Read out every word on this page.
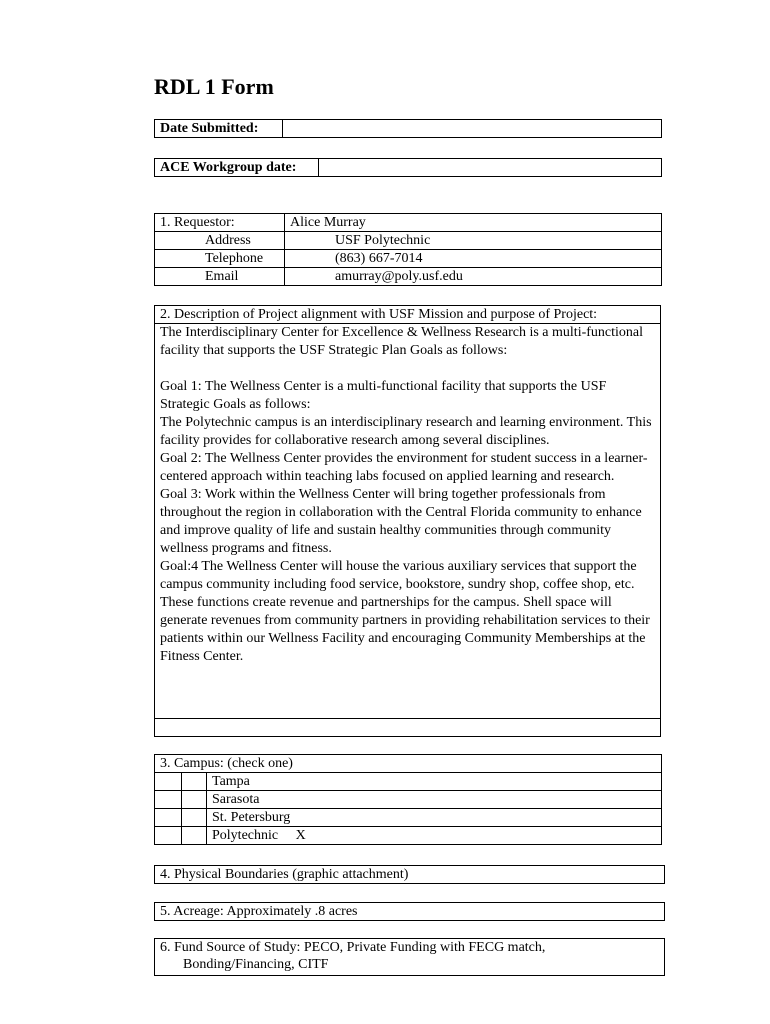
RDL 1 Form
Date Submitted:	
ACE Workgroup date:	
1. Requestor:	Alice Murray
Address	USF Polytechnic
Telephone	(863) 667-7014
Email	amurray@poly.usf.edu
2. Description of Project alignment with USF Mission and purpose of Project:

The Interdisciplinary Center for Excellence & Wellness Research is a multi-functional facility that supports the USF Strategic Plan Goals as follows:

Goal 1: The Wellness Center is a multi-functional facility that supports the USF Strategic Goals as follows:

The Polytechnic campus is an interdisciplinary research and learning environment. This facility provides for collaborative research among several disciplines.

Goal 2: The Wellness Center provides the environment for student success in a learner-centered approach within teaching labs focused on applied learning and research.

Goal 3: Work within the Wellness Center will bring together professionals from throughout the region in collaboration with the Central Florida community to enhance and improve quality of life and sustain healthy communities through community wellness programs and fitness.

Goal:4 The Wellness Center will house the various auxiliary services that support the campus community including food service, bookstore, sundry shop, coffee shop, etc. These functions create revenue and partnerships for the campus. Shell space will generate revenues from community partners in providing rehabilitation services to their patients within our Wellness Facility and encouraging Community Memberships at the Fitness Center.

3. Campus: (check one)		
		Tampa
		Sarasota
		St. Petersburg
		Polytechnic     X
4. Physical Boundaries (graphic attachment)
5. Acreage: Approximately .8 acres
6. Fund Source of Study: PECO, Private Funding with FECG match,
Bonding/Financing, CITF
